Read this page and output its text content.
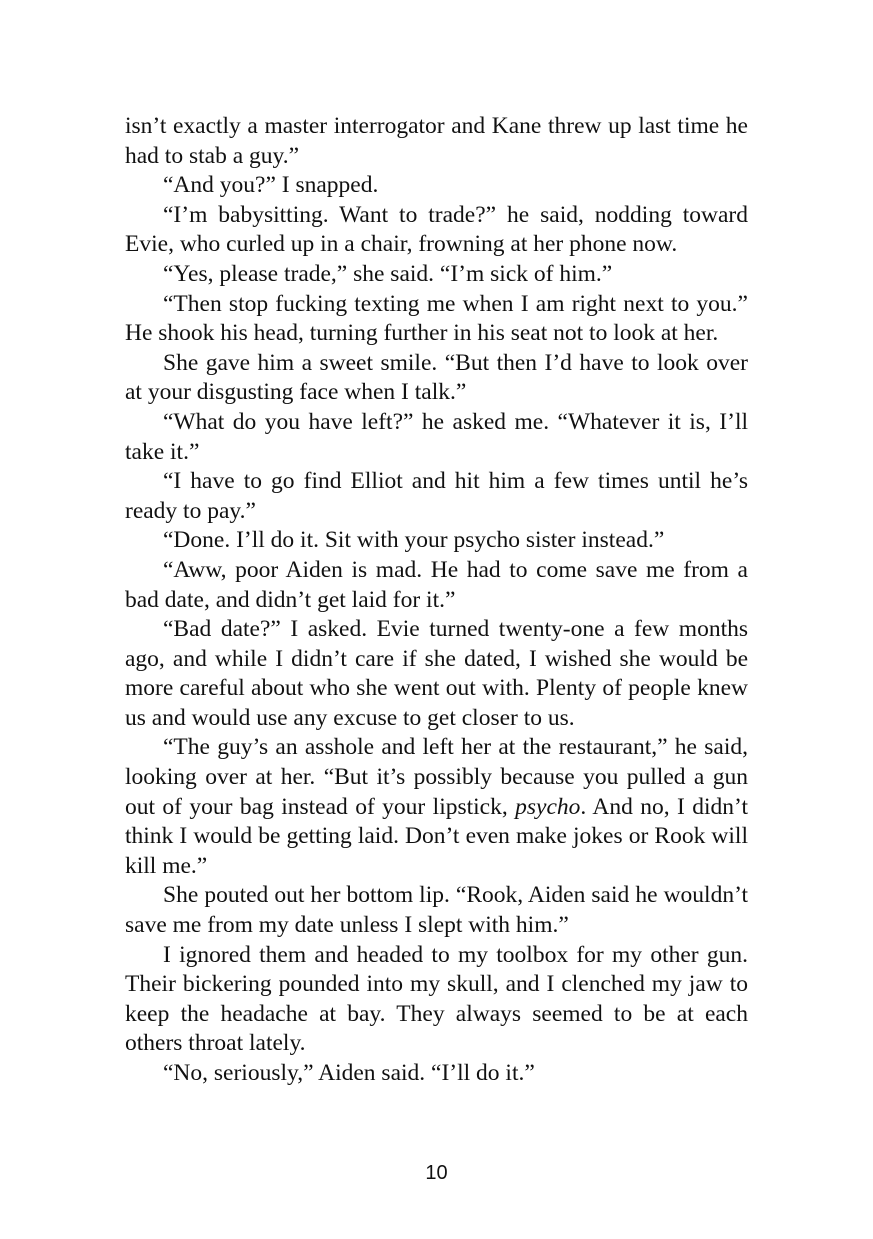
isn’t exactly a master interrogator and Kane threw up last time he had to stab a guy.”

“And you?” I snapped.

“I’m babysitting. Want to trade?” he said, nodding toward Evie, who curled up in a chair, frowning at her phone now.

“Yes, please trade,” she said. “I’m sick of him.”

“Then stop fucking texting me when I am right next to you.” He shook his head, turning further in his seat not to look at her.

She gave him a sweet smile. “But then I’d have to look over at your disgusting face when I talk.”

“What do you have left?” he asked me. “Whatever it is, I’ll take it.”

“I have to go find Elliot and hit him a few times until he’s ready to pay.”

“Done. I’ll do it. Sit with your psycho sister instead.”

“Aww, poor Aiden is mad. He had to come save me from a bad date, and didn’t get laid for it.”

“Bad date?” I asked. Evie turned twenty-one a few months ago, and while I didn’t care if she dated, I wished she would be more careful about who she went out with. Plenty of people knew us and would use any excuse to get closer to us.

“The guy’s an asshole and left her at the restaurant,” he said, looking over at her. “But it’s possibly because you pulled a gun out of your bag instead of your lipstick, psycho. And no, I didn’t think I would be getting laid. Don’t even make jokes or Rook will kill me.”

She pouted out her bottom lip. “Rook, Aiden said he wouldn’t save me from my date unless I slept with him.”

I ignored them and headed to my toolbox for my other gun. Their bickering pounded into my skull, and I clenched my jaw to keep the headache at bay. They always seemed to be at each others throat lately.

“No, seriously,” Aiden said. “I’ll do it.”

10
